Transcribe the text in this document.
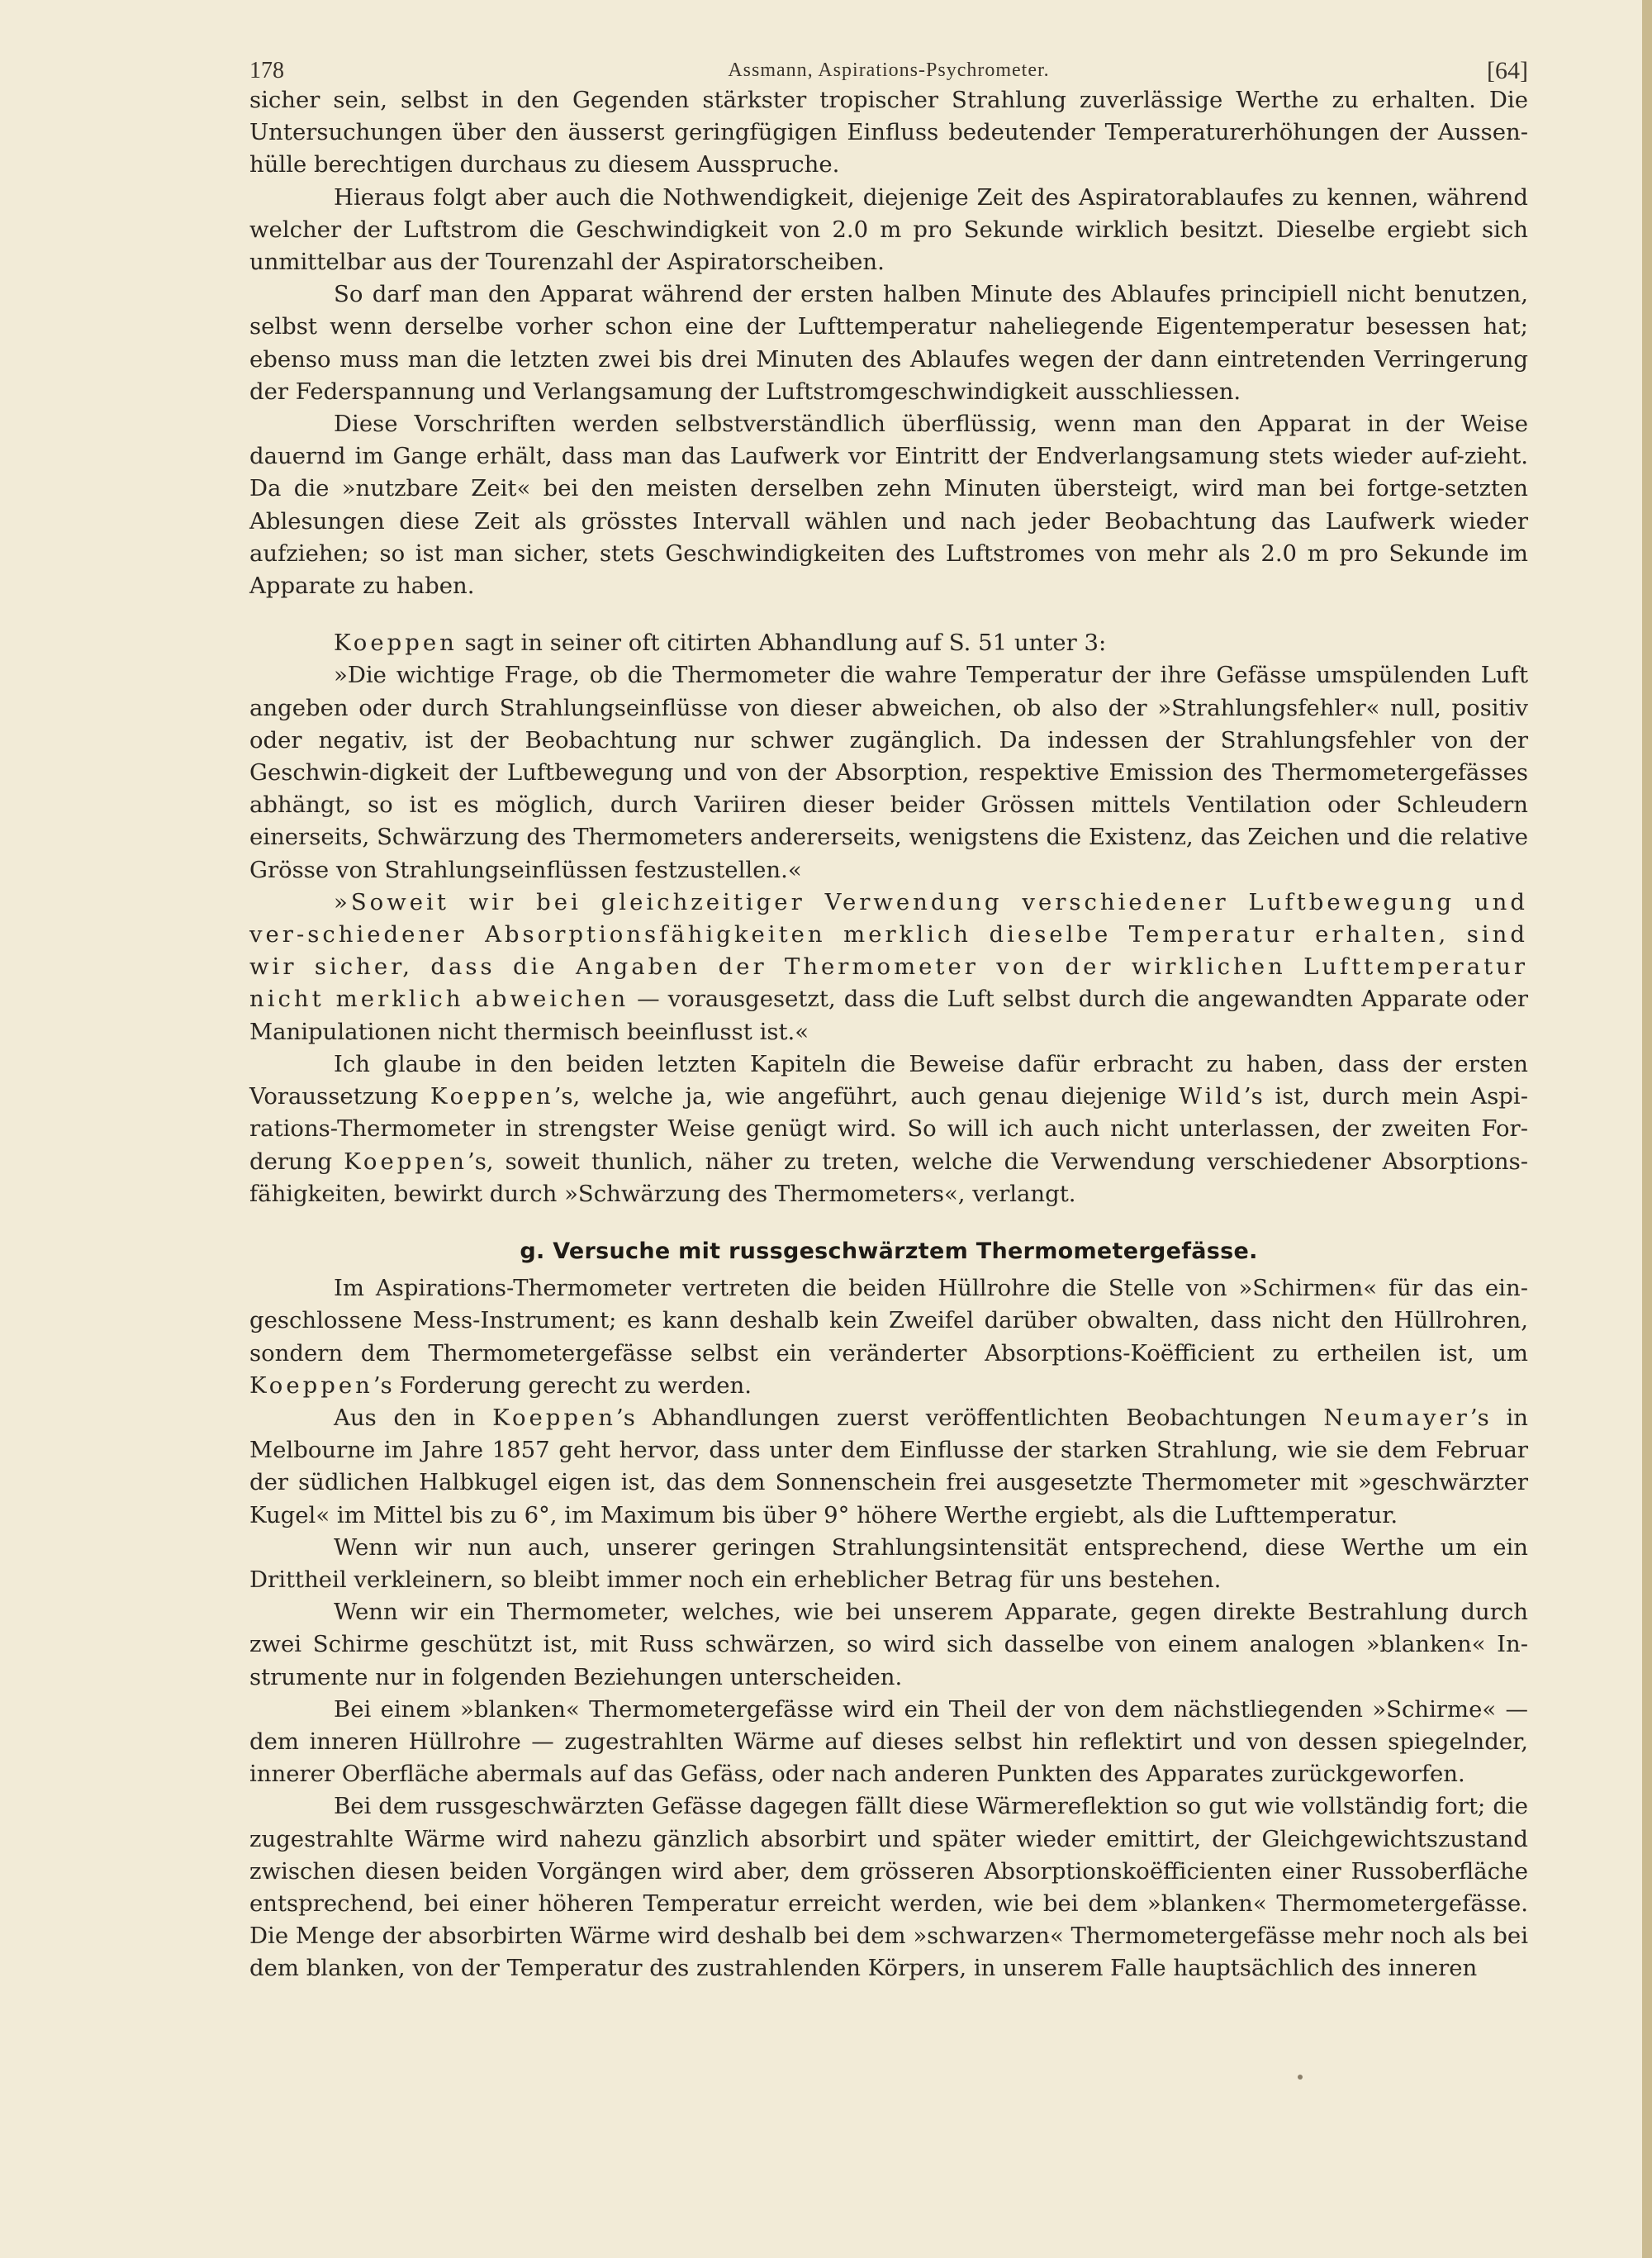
178	Assmann, Aspirations-Psychrometer.	[64]

sicher sein, selbst in den Gegenden stärkster tropischer Strahlung zuverlässige Werthe zu erhalten. Die Untersuchungen über den äusserst geringfügigen Einfluss bedeutender Temperaturerhöhungen der Aussen-hülle berechtigen durchaus zu diesem Ausspruche.

Hieraus folgt aber auch die Nothwendigkeit, diejenige Zeit des Aspiratorablaufes zu kennen, während welcher der Luftstrom die Geschwindigkeit von 2.0 m pro Sekunde wirklich besitzt. Dieselbe ergiebt sich unmittelbar aus der Tourenzahl der Aspiratorscheiben.

So darf man den Apparat während der ersten halben Minute des Ablaufes principiell nicht benutzen, selbst wenn derselbe vorher schon eine der Lufttemperatur naheliegende Eigentemperatur besessen hat; ebenso muss man die letzten zwei bis drei Minuten des Ablaufes wegen der dann eintretenden Verringerung der Federspannung und Verlangsamung der Luftstromgeschwindigkeit ausschliessen.

Diese Vorschriften werden selbstverständlich überflüssig, wenn man den Apparat in der Weise dauernd im Gange erhält, dass man das Laufwerk vor Eintritt der Endverlangsamung stets wieder auf-zieht. Da die »nutzbare Zeit« bei den meisten derselben zehn Minuten übersteigt, wird man bei fortge-setzten Ablesungen diese Zeit als grösstes Intervall wählen und nach jeder Beobachtung das Laufwerk wieder aufziehen; so ist man sicher, stets Geschwindigkeiten des Luftstromes von mehr als 2.0 m pro Sekunde im Apparate zu haben.

Koeppen sagt in seiner oft citirten Abhandlung auf S. 51 unter 3:

»Die wichtige Frage, ob die Thermometer die wahre Temperatur der ihre Gefässe umspülenden Luft angeben oder durch Strahlungseinflüsse von dieser abweichen, ob also der »Strahlungsfehler« null, positiv oder negativ, ist der Beobachtung nur schwer zugänglich. Da indessen der Strahlungsfehler von der Geschwin-digkeit der Luftbewegung und von der Absorption, respektive Emission des Thermometergefässes abhängt, so ist es möglich, durch Variiren dieser beider Grössen mittels Ventilation oder Schleudern einerseits, Schwärzung des Thermometers andererseits, wenigstens die Existenz, das Zeichen und die relative Grösse von Strahlungseinflüssen festzustellen.«

»Soweit wir bei gleichzeitiger Verwendung verschiedener Luftbewegung und ver-schiedener Absorptionsfähigkeiten merklich dieselbe Temperatur erhalten, sind wir sicher, dass die Angaben der Thermometer von der wirklichen Lufttemperatur nicht merklich abweichen — vorausgesetzt, dass die Luft selbst durch die angewandten Apparate oder Manipulationen nicht thermisch beeinflusst ist.«

Ich glaube in den beiden letzten Kapiteln die Beweise dafür erbracht zu haben, dass der ersten Voraussetzung Koeppen’s, welche ja, wie angeführt, auch genau diejenige Wild’s ist, durch mein Aspi-rations-Thermometer in strengster Weise genügt wird. So will ich auch nicht unterlassen, der zweiten For-derung Koeppen’s, soweit thunlich, näher zu treten, welche die Verwendung verschiedener Absorptions-fähigkeiten, bewirkt durch »Schwärzung des Thermometers«, verlangt.

g. Versuche mit russgeschwärztem Thermometergefässe.

Im Aspirations-Thermometer vertreten die beiden Hüllrohre die Stelle von »Schirmen« für das ein-geschlossene Mess-Instrument; es kann deshalb kein Zweifel darüber obwalten, dass nicht den Hüllrohren, sondern dem Thermometergefässe selbst ein veränderter Absorptions-Koëfficient zu ertheilen ist, um Koeppen’s Forderung gerecht zu werden.

Aus den in Koeppen’s Abhandlungen zuerst veröffentlichten Beobachtungen Neumayer’s in Melbourne im Jahre 1857 geht hervor, dass unter dem Einflusse der starken Strahlung, wie sie dem Februar der südlichen Halbkugel eigen ist, das dem Sonnenschein frei ausgesetzte Thermometer mit »geschwärzter Kugel« im Mittel bis zu 6°, im Maximum bis über 9° höhere Werthe ergiebt, als die Lufttemperatur.

Wenn wir nun auch, unserer geringen Strahlungsintensität entsprechend, diese Werthe um ein Drittheil verkleinern, so bleibt immer noch ein erheblicher Betrag für uns bestehen.

Wenn wir ein Thermometer, welches, wie bei unserem Apparate, gegen direkte Bestrahlung durch zwei Schirme geschützt ist, mit Russ schwärzen, so wird sich dasselbe von einem analogen »blanken« In-strumente nur in folgenden Beziehungen unterscheiden.

Bei einem »blanken« Thermometergefässe wird ein Theil der von dem nächstliegenden »Schirme« — dem inneren Hüllrohre — zugestrahlten Wärme auf dieses selbst hin reflektirt und von dessen spiegelnder, innerer Oberfläche abermals auf das Gefäss, oder nach anderen Punkten des Apparates zurückgeworfen.

Bei dem russgeschwärzten Gefässe dagegen fällt diese Wärmereflektion so gut wie vollständig fort; die zugestrahlte Wärme wird nahezu gänzlich absorbirt und später wieder emittirt, der Gleichgewichtszustand zwischen diesen beiden Vorgängen wird aber, dem grösseren Absorptionskoëfficienten einer Russoberfläche entsprechend, bei einer höheren Temperatur erreicht werden, wie bei dem »blanken« Thermometergefässe. Die Menge der absorbirten Wärme wird deshalb bei dem »schwarzen« Thermometergefässe mehr noch als bei dem blanken, von der Temperatur des zustrahlenden Körpers, in unserem Falle hauptsächlich des inneren
